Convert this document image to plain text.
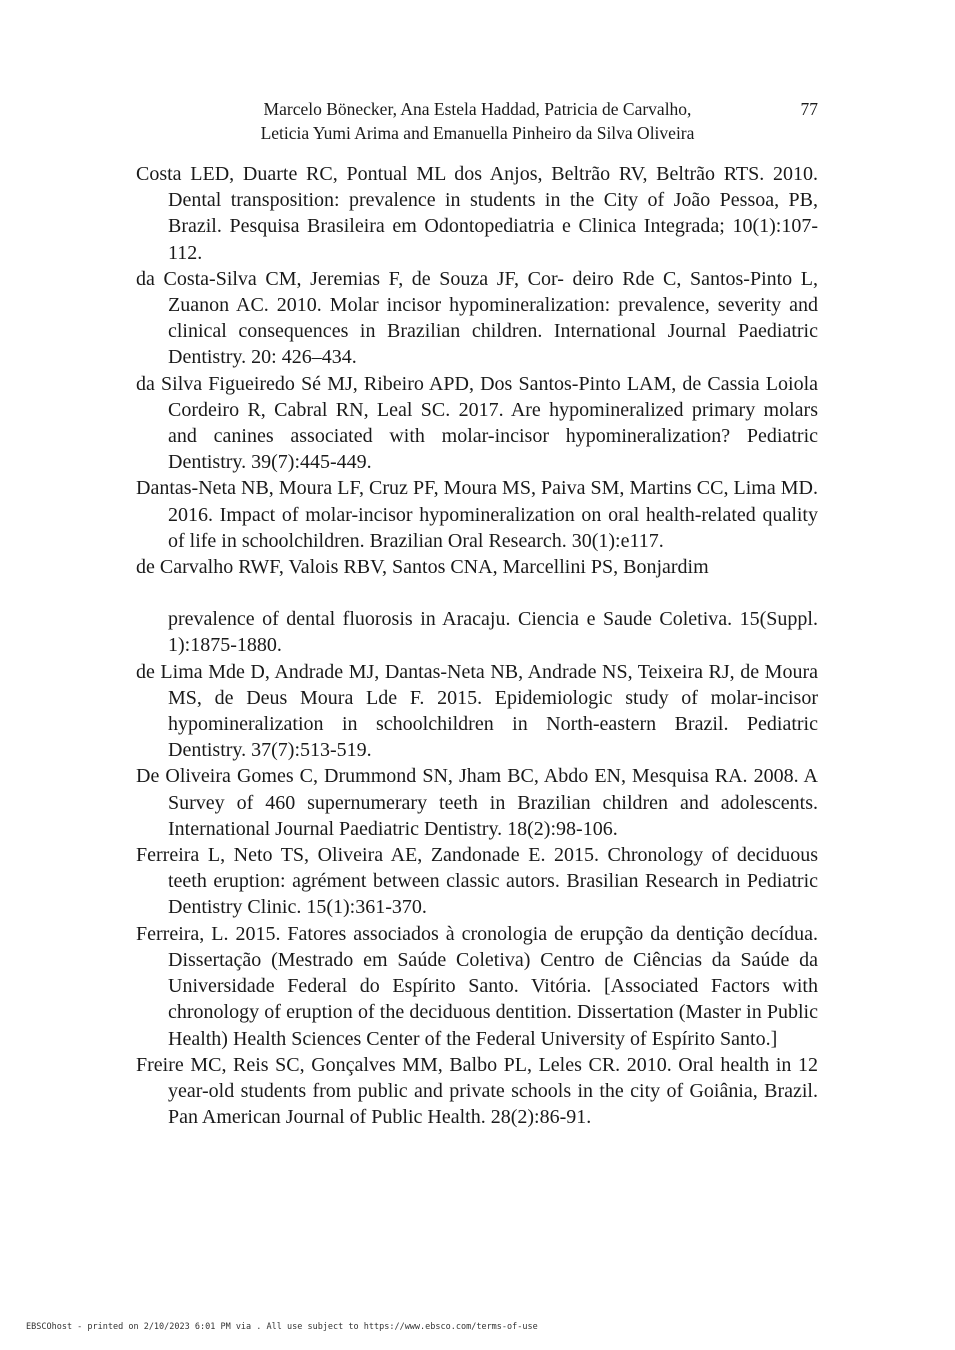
Marcelo Bönecker, Ana Estela Haddad, Patricia de Carvalho,
Leticia Yumi Arima and Emanuella Pinheiro da Silva Oliveira
77

Costa LED, Duarte RC, Pontual ML dos Anjos, Beltrão RV, Beltrão RTS. 2010. Dental transposition: prevalence in students in the City of João Pessoa, PB, Brazil. Pesquisa Brasileira em Odontopediatria e Clinica Integrada; 10(1):107-112.

da Costa-Silva CM, Jeremias F, de Souza JF, Cor- deiro Rde C, Santos-Pinto L, Zuanon AC. 2010. Molar incisor hypomineralization: prevalence, severity and clinical consequences in Brazilian children. International Journal Paediatric Dentistry. 20: 426–434.

da Silva Figueiredo Sé MJ, Ribeiro APD, Dos Santos-Pinto LAM, de Cassia Loiola Cordeiro R, Cabral RN, Leal SC. 2017. Are hypomineralized primary molars and canines associated with molar-incisor hypomineralization? Pediatric Dentistry. 39(7):445-449.

Dantas-Neta NB, Moura LF, Cruz PF, Moura MS, Paiva SM, Martins CC, Lima MD. 2016. Impact of molar-incisor hypomineralization on oral health-related quality of life in schoolchildren. Brazilian Oral Research. 30(1):e117.

de Carvalho RWF, Valois RBV, Santos CNA, Marcellini PS, Bonjardim

prevalence of dental fluorosis in Aracaju. Ciencia e Saude Coletiva. 15(Suppl. 1):1875-1880.

de Lima Mde D, Andrade MJ, Dantas-Neta NB, Andrade NS, Teixeira RJ, de Moura MS, de Deus Moura Lde F. 2015. Epidemiologic study of molar-incisor hypomineralization in schoolchildren in North-eastern Brazil. Pediatric Dentistry. 37(7):513-519.

De Oliveira Gomes C, Drummond SN, Jham BC, Abdo EN, Mesquisa RA. 2008. A Survey of 460 supernumerary teeth in Brazilian children and adolescents. International Journal Paediatric Dentistry. 18(2):98-106.

Ferreira L, Neto TS, Oliveira AE, Zandonade E. 2015. Chronology of deciduous teeth eruption: agrément between classic autors. Brasilian Research in Pediatric Dentistry Clinic. 15(1):361-370.

Ferreira, L. 2015. Fatores associados à cronologia de erupção da dentição decídua. Dissertação (Mestrado em Saúde Coletiva) Centro de Ciências da Saúde da Universidade Federal do Espírito Santo. Vitória. [Associated Factors with chronology of eruption of the deciduous dentition. Dissertation (Master in Public Health) Health Sciences Center of the Federal University of Espírito Santo.]

Freire MC, Reis SC, Gonçalves MM, Balbo PL, Leles CR. 2010. Oral health in 12 year-old students from public and private schools in the city of Goiânia, Brazil. Pan American Journal of Public Health. 28(2):86-91.

EBSCOhost - printed on 2/10/2023 6:01 PM via . All use subject to https://www.ebsco.com/terms-of-use
